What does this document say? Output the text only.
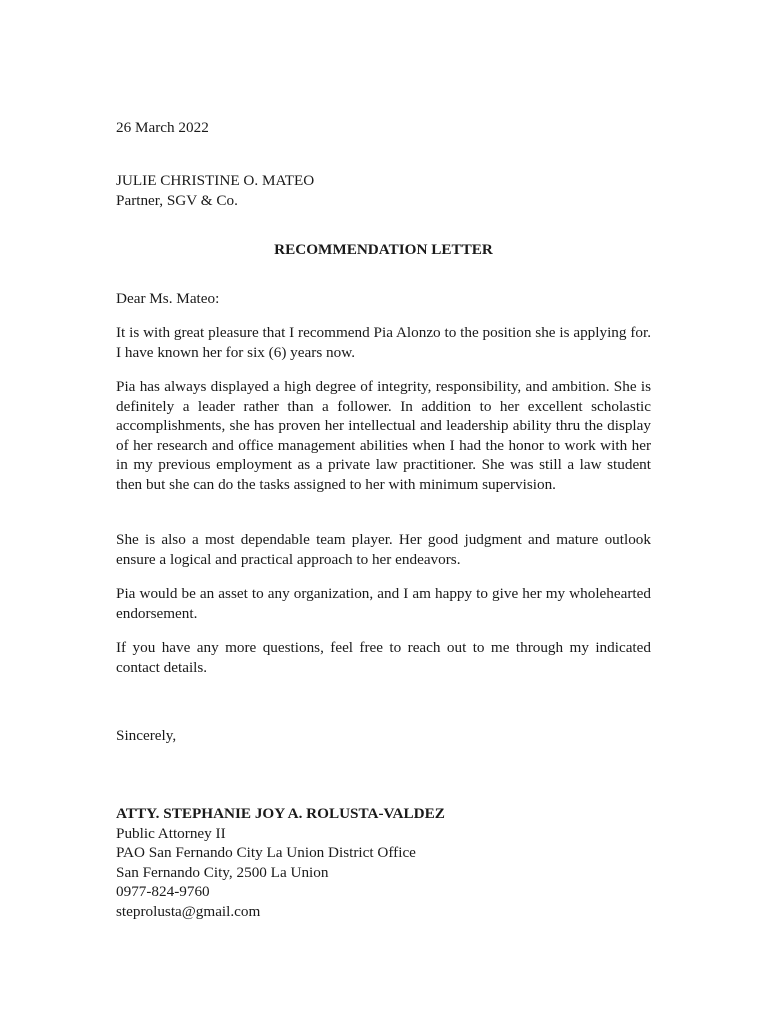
26 March 2022
JULIE CHRISTINE O. MATEO
Partner, SGV & Co.
RECOMMENDATION LETTER
Dear Ms. Mateo:
It is with great pleasure that I recommend Pia Alonzo to the position she is applying for. I have known her for six (6) years now.
Pia has always displayed a high degree of integrity, responsibility, and ambition. She is definitely a leader rather than a follower. In addition to her excellent scholastic accomplishments, she has proven her intellectual and leadership ability thru the display of her research and office management abilities when I had the honor to work with her in my previous employment as a private law practitioner. She was still a law student then but she can do the tasks assigned to her with minimum supervision.
She is also a most dependable team player. Her good judgment and mature outlook ensure a logical and practical approach to her endeavors.
Pia would be an asset to any organization, and I am happy to give her my wholehearted endorsement.
If you have any more questions, feel free to reach out to me through my indicated contact details.
Sincerely,
ATTY. STEPHANIE JOY A. ROLUSTA-VALDEZ
Public Attorney II
PAO San Fernando City La Union District Office
San Fernando City, 2500 La Union
0977-824-9760
steprolusta@gmail.com
